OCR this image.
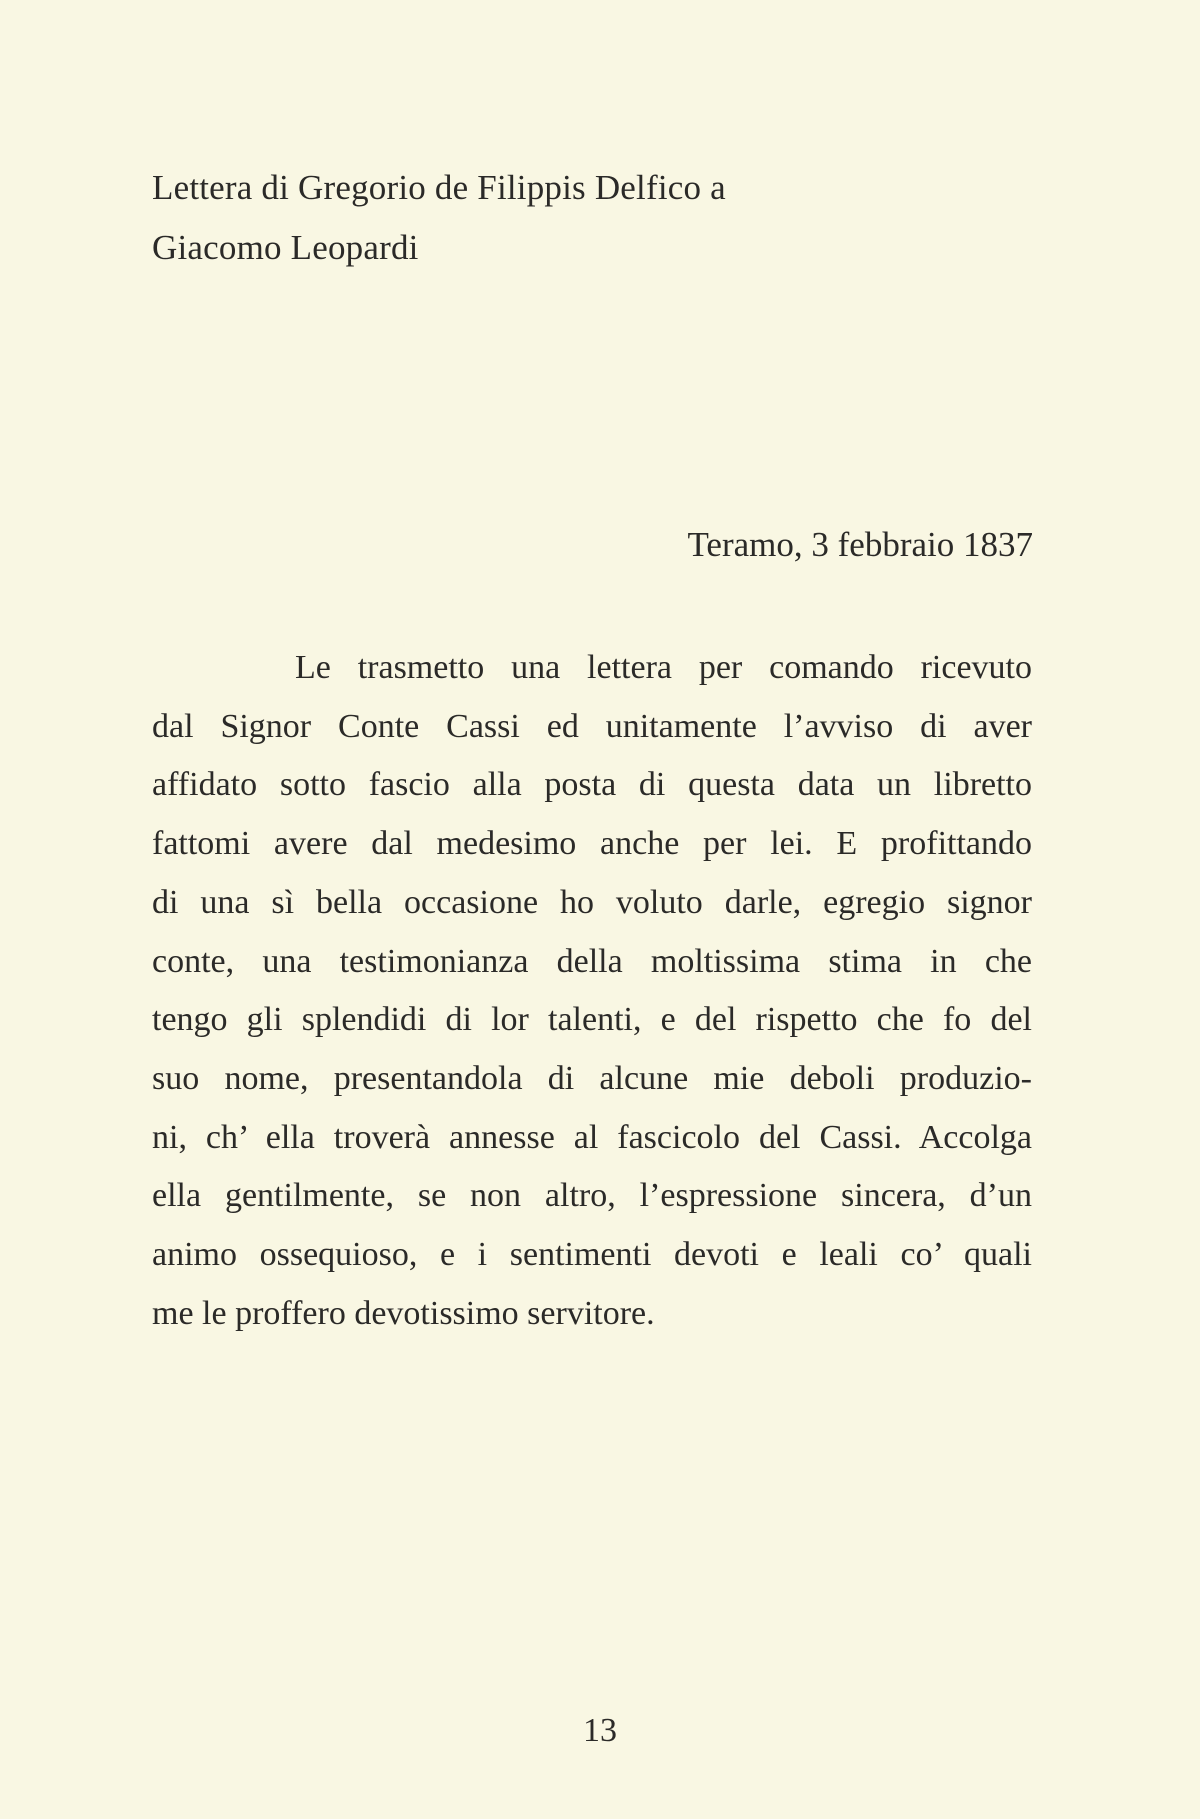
Lettera di Gregorio de Filippis Delfico a
Giacomo Leopardi

Teramo, 3 febbraio 1837

Le trasmetto una lettera per comando ricevuto
dal Signor Conte Cassi ed unitamente l’avviso di aver
affidato sotto fascio alla posta di questa data un libretto
fattomi avere dal medesimo anche per lei. E profittando
di una sì bella occasione ho voluto darle, egregio signor
conte, una testimonianza della moltissima stima in che
tengo gli splendidi di lor talenti, e del rispetto che fo del
suo nome, presentandola di alcune mie deboli produzio-
ni, ch’ ella troverà annesse al fascicolo del Cassi. Accolga
ella gentilmente, se non altro, l’espressione sincera, d’un
animo ossequioso, e i sentimenti devoti e leali co’ quali
me le proffero devotissimo servitore.

13
